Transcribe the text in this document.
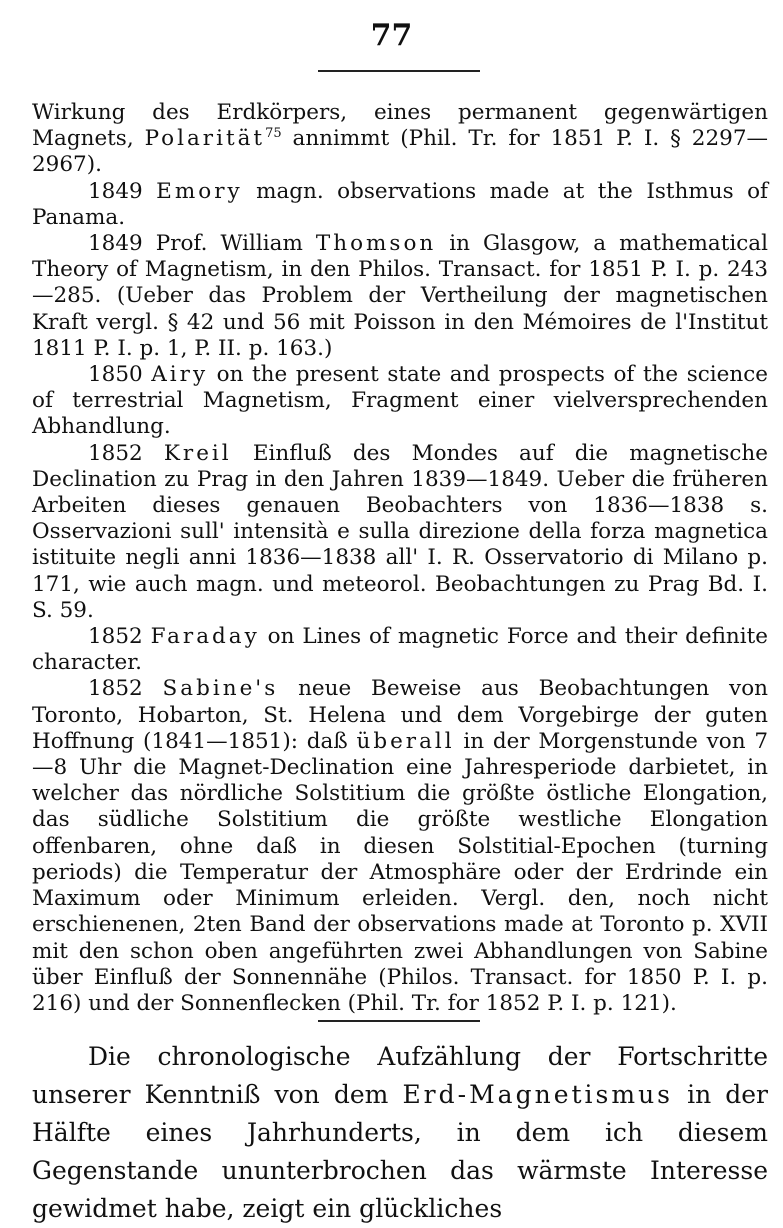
77

Wirkung des Erdkörpers, eines permanent gegenwärtigen Magnets, Polarität$^{75}$ annimmt (Phil. Tr. for 1851 P. I. § 2297—2967).

1849 Emory magn. observations made at the Isthmus of Panama.

1849 Prof. William Thomson in Glasgow, a mathematical Theory of Magnetism, in den Philos. Transact. for 1851 P. I. p. 243—285. (Ueber das Problem der Vertheilung der magnetischen Kraft vergl. § 42 und 56 mit Poisson in den Mémoires de l'Institut 1811 P. I. p. 1, P. II. p. 163.)

1850 Airy on the present state and prospects of the science of terrestrial Magnetism, Fragment einer vielversprechenden Abhandlung.

1852 Kreil Einfluß des Mondes auf die magnetische Declination zu Prag in den Jahren 1839—1849. Ueber die früheren Arbeiten dieses genauen Beobachters von 1836—1838 s. Osservazioni sull' intensità e sulla direzione della forza magnetica istituite negli anni 1836—1838 all' I. R. Osservatorio di Milano p. 171, wie auch magn. und meteorol. Beobachtungen zu Prag Bd. I. S. 59.

1852 Faraday on Lines of magnetic Force and their definite character.

1852 Sabine's neue Beweise aus Beobachtungen von Toronto, Hobarton, St. Helena und dem Vorgebirge der guten Hoffnung (1841—1851): daß überall in der Morgenstunde von 7—8 Uhr die Magnet-Declination eine Jahresperiode darbietet, in welcher das nördliche Solstitium die größte östliche Elongation, das südliche Solstitium die größte westliche Elongation offenbaren, ohne daß in diesen Solstitial-Epochen (turning periods) die Temperatur der Atmosphäre oder der Erdrinde ein Maximum oder Minimum erleiden. Vergl. den, noch nicht erschienenen, 2ten Band der observations made at Toronto p. XVII mit den schon oben angeführten zwei Abhandlungen von Sabine über Einfluß der Sonnennähe (Philos. Transact. for 1850 P. I. p. 216) und der Sonnenflecken (Phil. Tr. for 1852 P. I. p. 121).

Die chronologische Aufzählung der Fortschritte unserer Kenntniß von dem Erd-Magnetismus in der Hälfte eines Jahrhunderts, in dem ich diesem Gegenstande ununterbrochen das wärmste Interesse gewidmet habe, zeigt ein glückliches
